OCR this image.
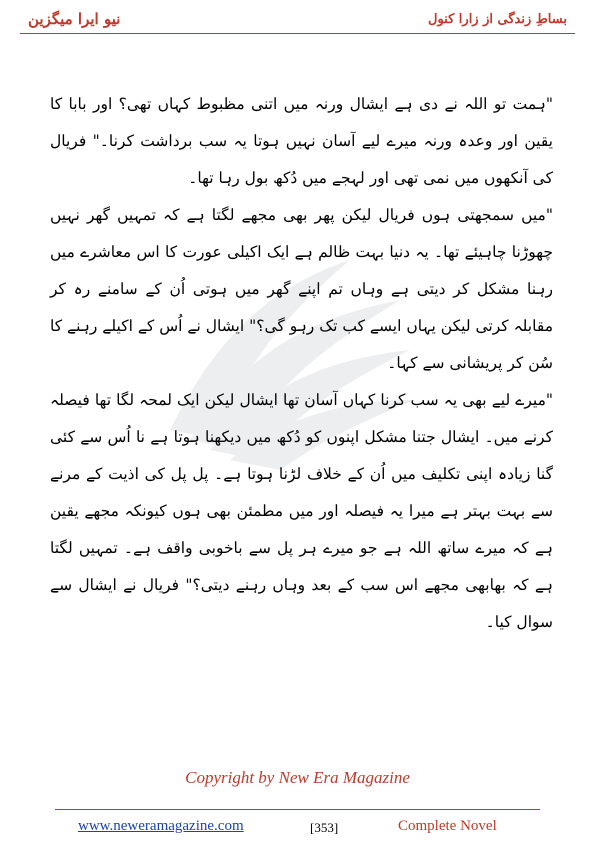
نیو ایرا میگزین	بساطِ زندگی از زارا کنول

"ہمت تو اللہ نے دی ہے ایشال ورنہ میں اتنی مظبوط کہاں تھی؟ اور بابا کا یقین اور وعدہ ورنہ میرے لیے آسان نہیں ہوتا یہ سب برداشت کرنا۔" فریال کی آنکھوں میں نمی تھی اور لہجے میں دُکھ بول رہا تھا۔

"میں سمجھتی ہوں فریال لیکن پھر بھی مجھے لگتا ہے کہ تمہیں گھر نہیں چھوڑنا چاہیئے تھا۔ یہ دنیا بہت ظالم ہے ایک اکیلی عورت کا اس معاشرے میں رہنا مشکل کر دیتی ہے وہاں تم اپنے گھر میں ہوتی اُن کے سامنے رہ کر مقابلہ کرتی لیکن یہاں ایسے کب تک رہو گی؟" ایشال نے اُس کے اکیلے رہنے کا سُن کر پریشانی سے کہا۔

"میرے لیے بھی یہ سب کرنا کہاں آسان تھا ایشال لیکن ایک لمحہ لگا تھا فیصلہ کرنے میں۔ ایشال جتنا مشکل اپنوں کو دُکھ میں دیکھنا ہوتا ہے نا اُس سے کئی گنا زیادہ اپنی تکلیف میں اُن کے خلاف لڑنا ہوتا ہے۔ پل پل کی اذیت کے مرنے سے بہت بہتر ہے میرا یہ فیصلہ اور میں مطمئن بھی ہوں کیونکہ مجھے یقین ہے کہ میرے ساتھ اللہ ہے جو میرے ہر پل سے باخوبی واقف ہے۔ تمہیں لگتا ہے کہ بھابھی مجھے اس سب کے بعد وہاں رہنے دیتی؟" فریال نے ایشال سے سوال کیا۔

Copyright by New Era Magazine
www.neweramagazine.com	[353]	Complete Novel
